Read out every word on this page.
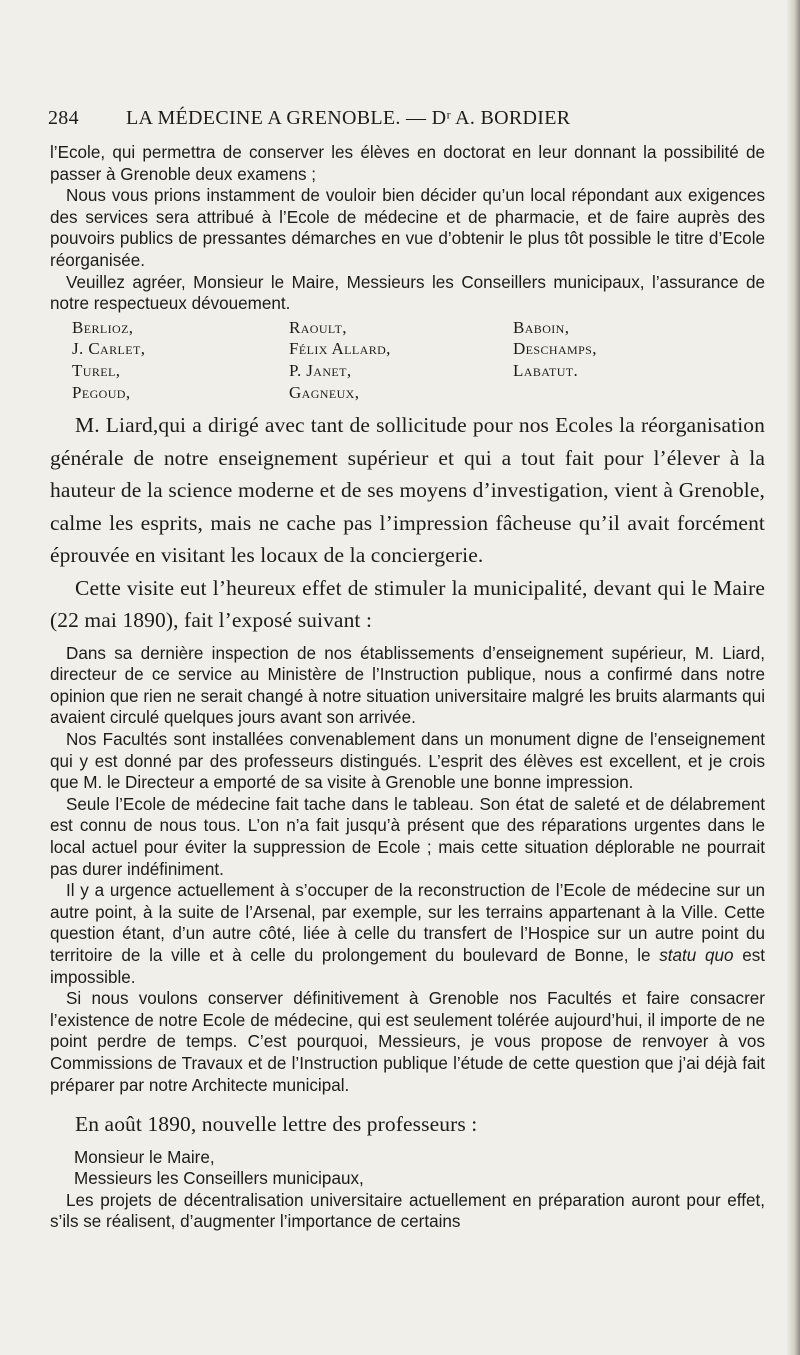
284 LA MÉDECINE A GRENOBLE. — Dʳ A. BORDIER

l’Ecole, qui permettra de conserver les élèves en doctorat en leur donnant la possibilité de passer à Grenoble deux examens ;

Nous vous prions instamment de vouloir bien décider qu’un local répondant aux exigences des services sera attribué à l’Ecole de médecine et de pharmacie, et de faire auprès des pouvoirs publics de pressantes démarches en vue d’obtenir le plus tôt possible le titre d’Ecole réorganisée.

Veuillez agréer, Monsieur le Maire, Messieurs les Conseillers municipaux, l’assurance de notre respectueux dévouement.

Berlioz,	Raoult,	Baboin,
J. Carlet,	Félix Allard,	Deschamps,
Turel,	P. Janet,	Labatut.
Pegoud,	Gagneux,

M. Liard,qui a dirigé avec tant de sollicitude pour nos Ecoles la réorganisation générale de notre enseignement supérieur et qui a tout fait pour l’élever à la hauteur de la science moderne et de ses moyens d’investigation, vient à Grenoble, calme les esprits, mais ne cache pas l’impression fâcheuse qu’il avait forcément éprouvée en visitant les locaux de la conciergerie.

Cette visite eut l’heureux effet de stimuler la municipalité, devant qui le Maire (22 mai 1890), fait l’exposé suivant :

Dans sa dernière inspection de nos établissements d’enseignement supérieur, M. Liard, directeur de ce service au Ministère de l’Instruction publique, nous a confirmé dans notre opinion que rien ne serait changé à notre situation universitaire malgré les bruits alarmants qui avaient circulé quelques jours avant son arrivée.

Nos Facultés sont installées convenablement dans un monument digne de l’enseignement qui y est donné par des professeurs distingués. L’esprit des élèves est excellent, et je crois que M. le Directeur a emporté de sa visite à Grenoble une bonne impression.

Seule l’Ecole de médecine fait tache dans le tableau. Son état de saleté et de délabrement est connu de nous tous. L’on n’a fait jusqu’à présent que des réparations urgentes dans le local actuel pour éviter la suppression de Ecole ; mais cette situation déplorable ne pourrait pas durer indéfiniment.

Il y a urgence actuellement à s’occuper de la reconstruction de l’Ecole de médecine sur un autre point, à la suite de l’Arsenal, par exemple, sur les terrains appartenant à la Ville. Cette question étant, d’un autre côté, liée à celle du transfert de l’Hospice sur un autre point du territoire de la ville et à celle du prolongement du boulevard de Bonne, le statu quo est impossible.

Si nous voulons conserver définitivement à Grenoble nos Facultés et faire consacrer l’existence de notre Ecole de médecine, qui est seulement tolérée aujourd’hui, il importe de ne point perdre de temps. C’est pourquoi, Messieurs, je vous propose de renvoyer à vos Commissions de Travaux et de l’Instruction publique l’étude de cette question que j’ai déjà fait préparer par notre Architecte municipal.

En août 1890, nouvelle lettre des professeurs :

Monsieur le Maire,

Messieurs les Conseillers municipaux,

Les projets de décentralisation universitaire actuellement en préparation auront pour effet, s’ils se réalisent, d’augmenter l’importance de certains
